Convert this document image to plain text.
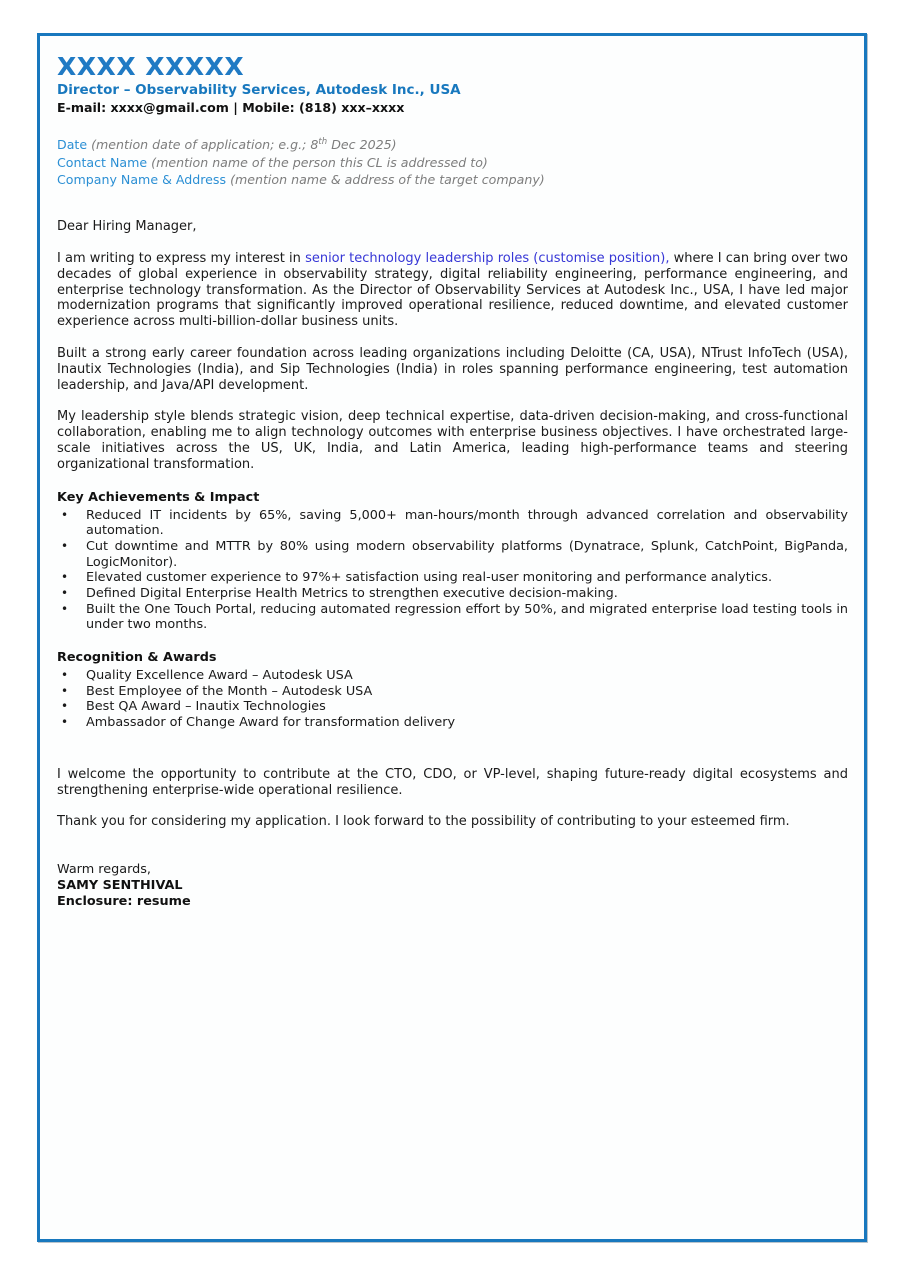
XXXX XXXXX
Director – Observability Services, Autodesk Inc., USA
E-mail: xxxx@gmail.com | Mobile: (818) xxx–xxxx
Date (mention date of application; e.g.; 8th Dec 2025)
Contact Name (mention name of the person this CL is addressed to)
Company Name & Address (mention name & address of the target company)
Dear Hiring Manager,

I am writing to express my interest in senior technology leadership roles (customise position), where I can bring over two decades of global experience in observability strategy, digital reliability engineering, performance engineering, and enterprise technology transformation. As the Director of Observability Services at Autodesk Inc., USA, I have led major modernization programs that significantly improved operational resilience, reduced downtime, and elevated customer experience across multi-billion-dollar business units.

Built a strong early career foundation across leading organizations including Deloitte (CA, USA), NTrust InfoTech (USA), Inautix Technologies (India), and Sip Technologies (India) in roles spanning performance engineering, test automation leadership, and Java/API development.

My leadership style blends strategic vision, deep technical expertise, data-driven decision-making, and cross-functional collaboration, enabling me to align technology outcomes with enterprise business objectives. I have orchestrated large-scale initiatives across the US, UK, India, and Latin America, leading high-performance teams and steering organizational transformation.

Key Achievements & Impact
• Reduced IT incidents by 65%, saving 5,000+ man-hours/month through advanced correlation and observability automation.
• Cut downtime and MTTR by 80% using modern observability platforms (Dynatrace, Splunk, CatchPoint, BigPanda, LogicMonitor).
• Elevated customer experience to 97%+ satisfaction using real-user monitoring and performance analytics.
• Defined Digital Enterprise Health Metrics to strengthen executive decision-making.
• Built the One Touch Portal, reducing automated regression effort by 50%, and migrated enterprise load testing tools in under two months.
Recognition & Awards
• Quality Excellence Award – Autodesk USA
• Best Employee of the Month – Autodesk USA
• Best QA Award – Inautix Technologies
• Ambassador of Change Award for transformation delivery
I welcome the opportunity to contribute at the CTO, CDO, or VP-level, shaping future-ready digital ecosystems and strengthening enterprise-wide operational resilience.
Thank you for considering my application. I look forward to the possibility of contributing to your esteemed firm.
Warm regards,
SAMY SENTHIVAL
Enclosure: resume
